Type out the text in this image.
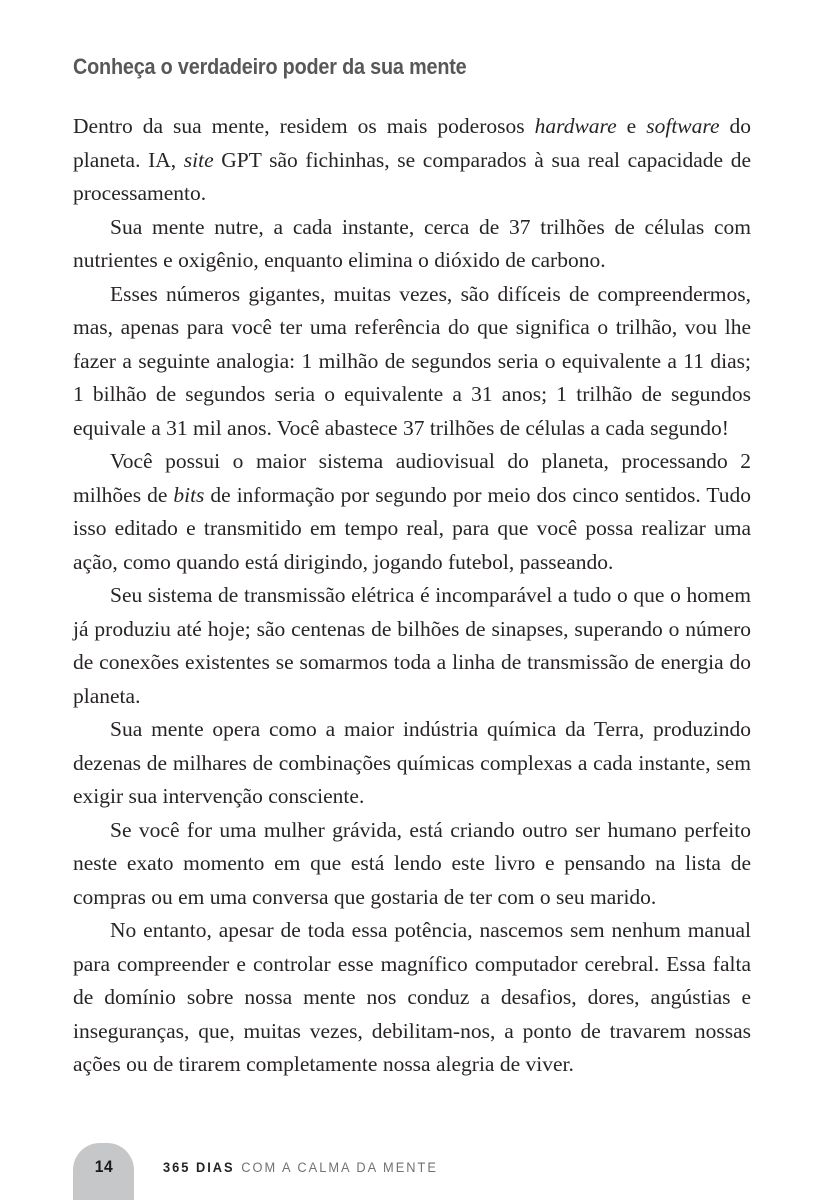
Conheça o verdadeiro poder da sua mente

Dentro da sua mente, residem os mais poderosos hardware e software do planeta. IA, site GPT são fichinhas, se comparados à sua real capacidade de processamento.

Sua mente nutre, a cada instante, cerca de 37 trilhões de células com nutrientes e oxigênio, enquanto elimina o dióxido de carbono.

Esses números gigantes, muitas vezes, são difíceis de compreendermos, mas, apenas para você ter uma referência do que significa o trilhão, vou lhe fazer a seguinte analogia: 1 milhão de segundos seria o equivalente a 11 dias; 1 bilhão de segundos seria o equivalente a 31 anos; 1 trilhão de segundos equivale a 31 mil anos. Você abastece 37 trilhões de células a cada segundo!

Você possui o maior sistema audiovisual do planeta, processando 2 milhões de bits de informação por segundo por meio dos cinco sentidos. Tudo isso editado e transmitido em tempo real, para que você possa realizar uma ação, como quando está dirigindo, jogando futebol, passeando.

Seu sistema de transmissão elétrica é incomparável a tudo o que o homem já produziu até hoje; são centenas de bilhões de sinapses, superando o número de conexões existentes se somarmos toda a linha de transmissão de energia do planeta.

Sua mente opera como a maior indústria química da Terra, produzindo dezenas de milhares de combinações químicas complexas a cada instante, sem exigir sua intervenção consciente.

Se você for uma mulher grávida, está criando outro ser humano perfeito neste exato momento em que está lendo este livro e pensando na lista de compras ou em uma conversa que gostaria de ter com o seu marido.

No entanto, apesar de toda essa potência, nascemos sem nenhum manual para compreender e controlar esse magnífico computador cerebral. Essa falta de domínio sobre nossa mente nos conduz a desafios, dores, angústias e inseguranças, que, muitas vezes, debilitam-nos, a ponto de travarem nossas ações ou de tirarem completamente nossa alegria de viver.

14	365 DIAS COM A CALMA DA MENTE
